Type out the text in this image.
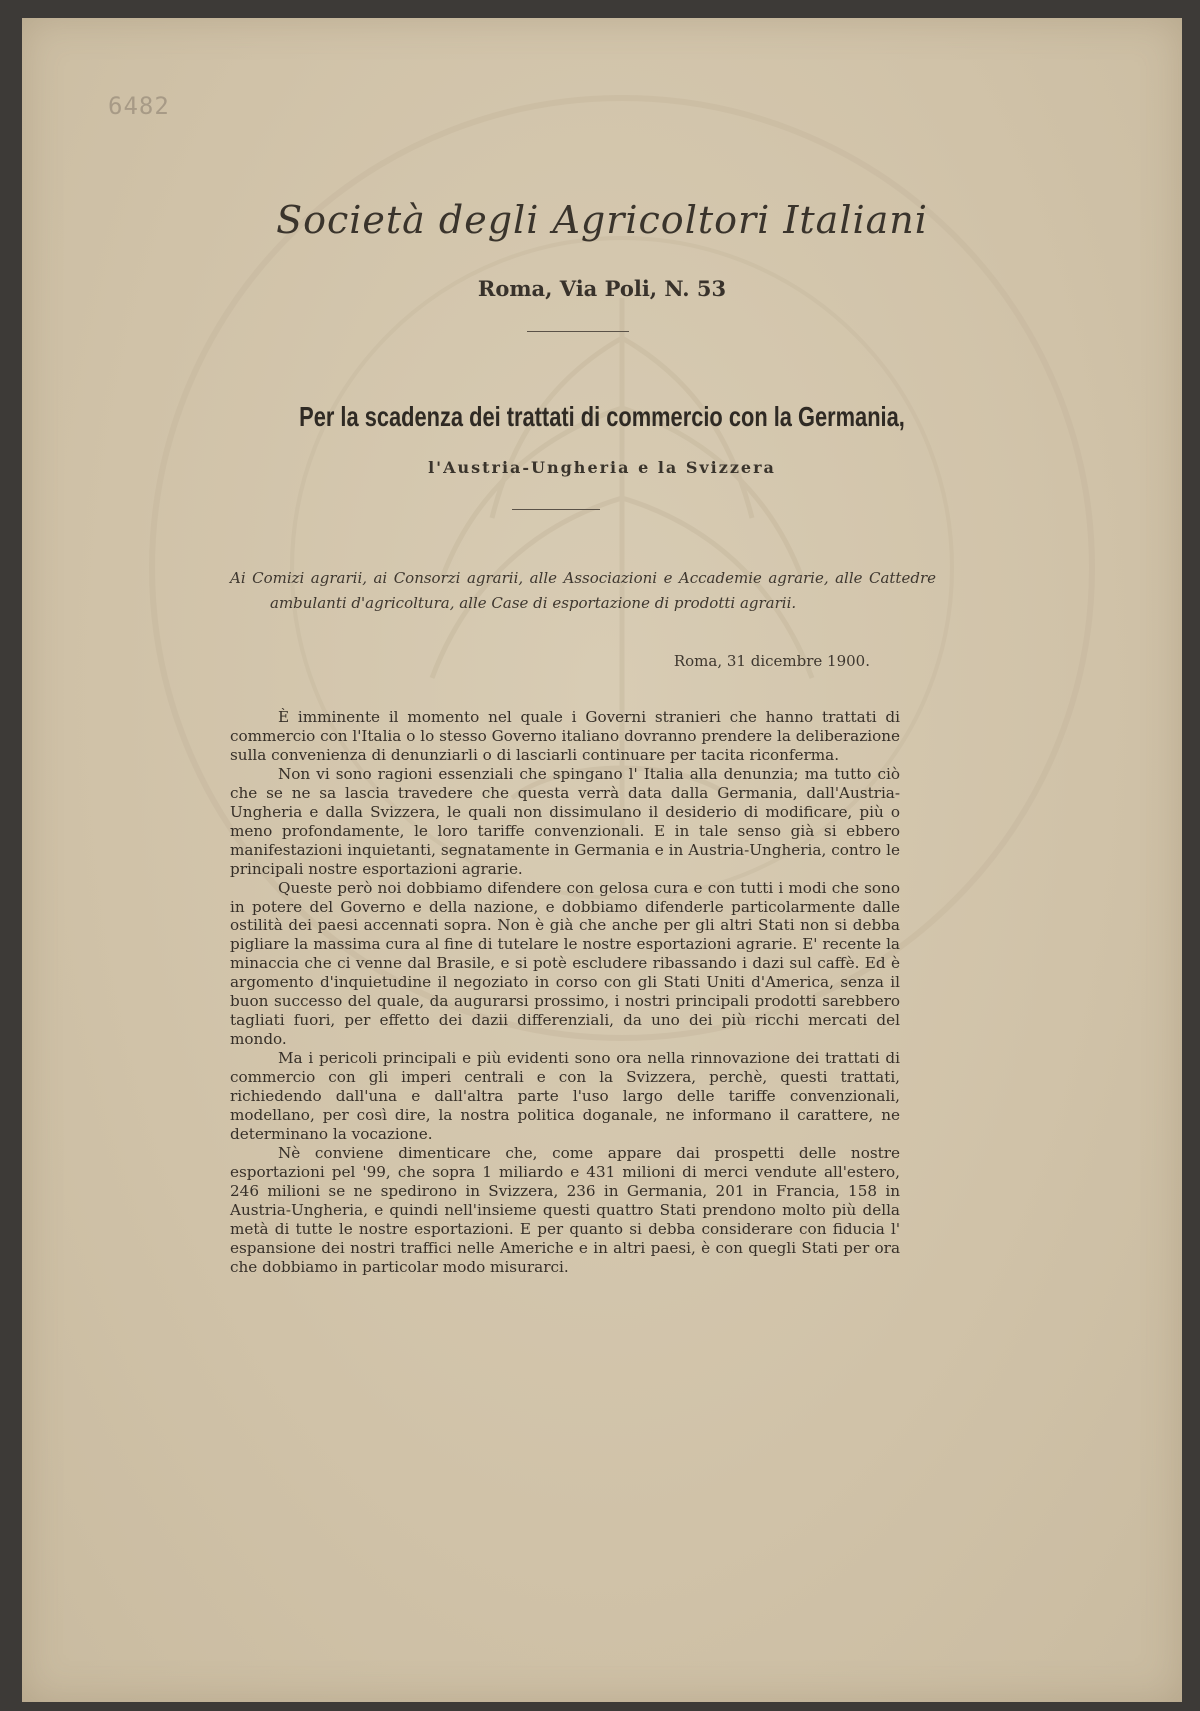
6482
Società degli Agricoltori Italiani
Roma, Via Poli, N. 53
Per la scadenza dei trattati di commercio con la Germania,
l'Austria-Ungheria e la Svizzera

Ai Comizi agrarii, ai Consorzi agrarii, alle Associazioni e Accademie agrarie, alle Cattedre ambulanti d'agricoltura, alle Case di esportazione di prodotti agrarii.

Roma, 31 dicembre 1900.

È imminente il momento nel quale i Governi stranieri che hanno trattati di commercio con l'Italia o lo stesso Governo italiano dovranno prendere la deliberazione sulla convenienza di denunziarli o di lasciarli continuare per tacita riconferma.

Non vi sono ragioni essenziali che spingano l' Italia alla denunzia; ma tutto ciò che se ne sa lascia travedere che questa verrà data dalla Germania, dall'Austria-Ungheria e dalla Svizzera, le quali non dissimulano il desiderio di modificare, più o meno profondamente, le loro tariffe convenzionali. E in tale senso già si ebbero manifestazioni inquietanti, segnatamente in Germania e in Austria-Ungheria, contro le principali nostre esportazioni agrarie.

Queste però noi dobbiamo difendere con gelosa cura e con tutti i modi che sono in potere del Governo e della nazione, e dobbiamo difenderle particolarmente dalle ostilità dei paesi accennati sopra. Non è già che anche per gli altri Stati non si debba pigliare la massima cura al fine di tutelare le nostre esportazioni agrarie. E' recente la minaccia che ci venne dal Brasile, e si potè escludere ribassando i dazi sul caffè. Ed è argomento d'inquietudine il negoziato in corso con gli Stati Uniti d'America, senza il buon successo del quale, da augurarsi prossimo, i nostri principali prodotti sarebbero tagliati fuori, per effetto dei dazii differenziali, da uno dei più ricchi mercati del mondo.

Ma i pericoli principali e più evidenti sono ora nella rinnovazione dei trattati di commercio con gli imperi centrali e con la Svizzera, perchè, questi trattati, richiedendo dall'una e dall'altra parte l'uso largo delle tariffe convenzionali, modellano, per così dire, la nostra politica doganale, ne informano il carattere, ne determinano la vocazione.

Nè conviene dimenticare che, come appare dai prospetti delle nostre esportazioni pel '99, che sopra 1 miliardo e 431 milioni di merci vendute all'estero, 246 milioni se ne spedirono in Svizzera, 236 in Germania, 201 in Francia, 158 in Austria-Ungheria, e quindi nell'insieme questi quattro Stati prendono molto più della metà di tutte le nostre esportazioni. E per quanto si debba considerare con fiducia l' espansione dei nostri traffici nelle Americhe e in altri paesi, è con quegli Stati per ora che dobbiamo in particolar modo misurarci.
